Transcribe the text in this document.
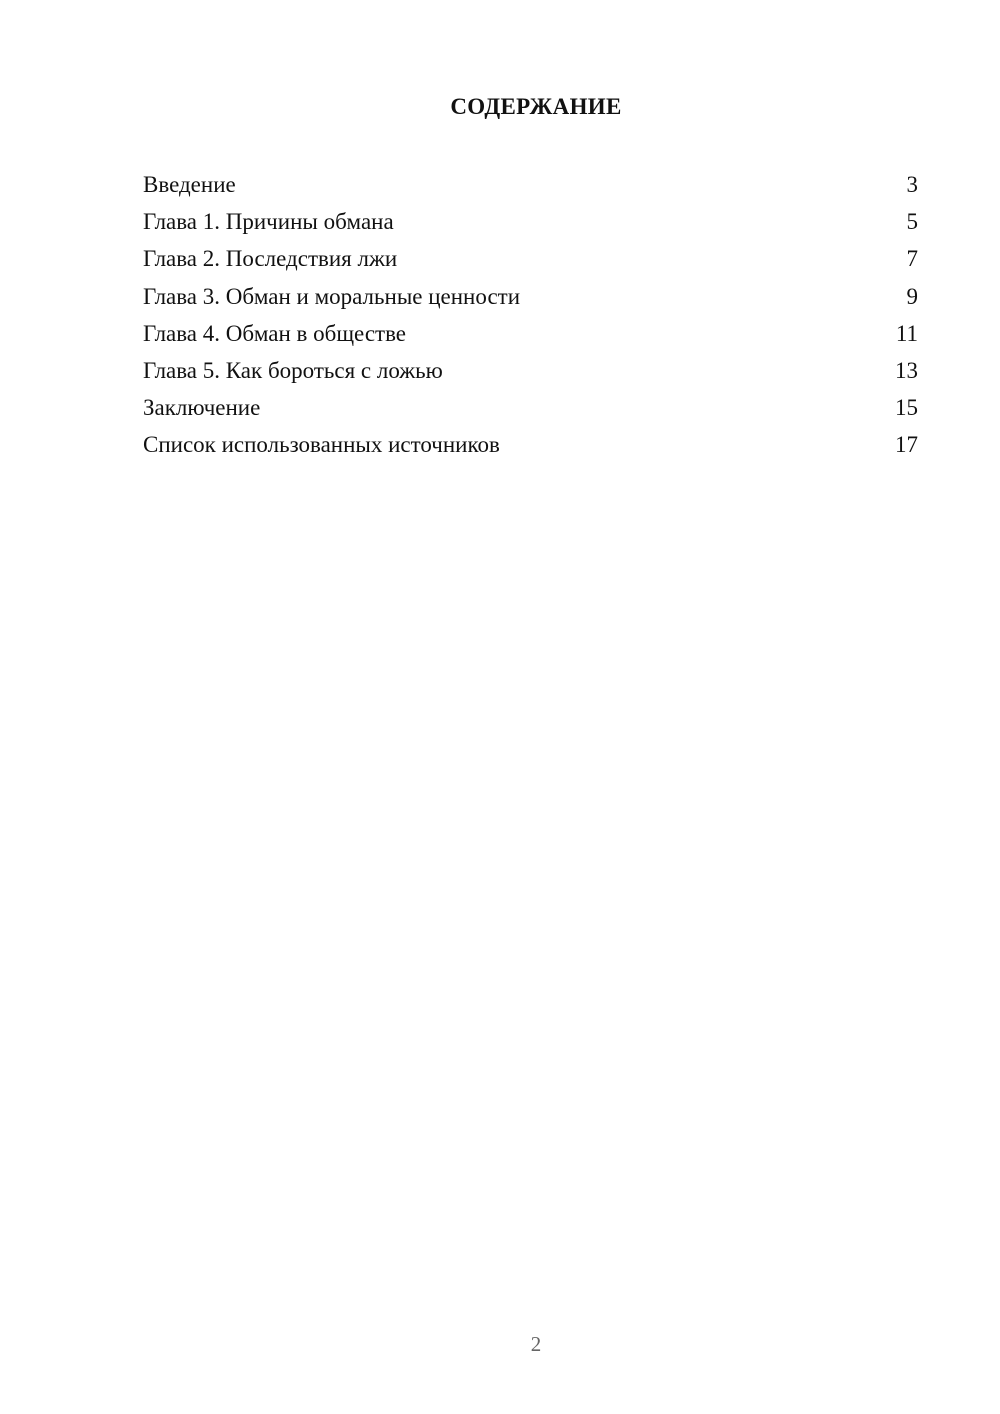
СОДЕРЖАНИЕ
Введение	3
Глава 1. Причины обмана	5
Глава 2. Последствия лжи	7
Глава 3. Обман и моральные ценности	9
Глава 4. Обман в обществе	11
Глава 5. Как бороться с ложью	13
Заключение	15
Список использованных источников	17
2
